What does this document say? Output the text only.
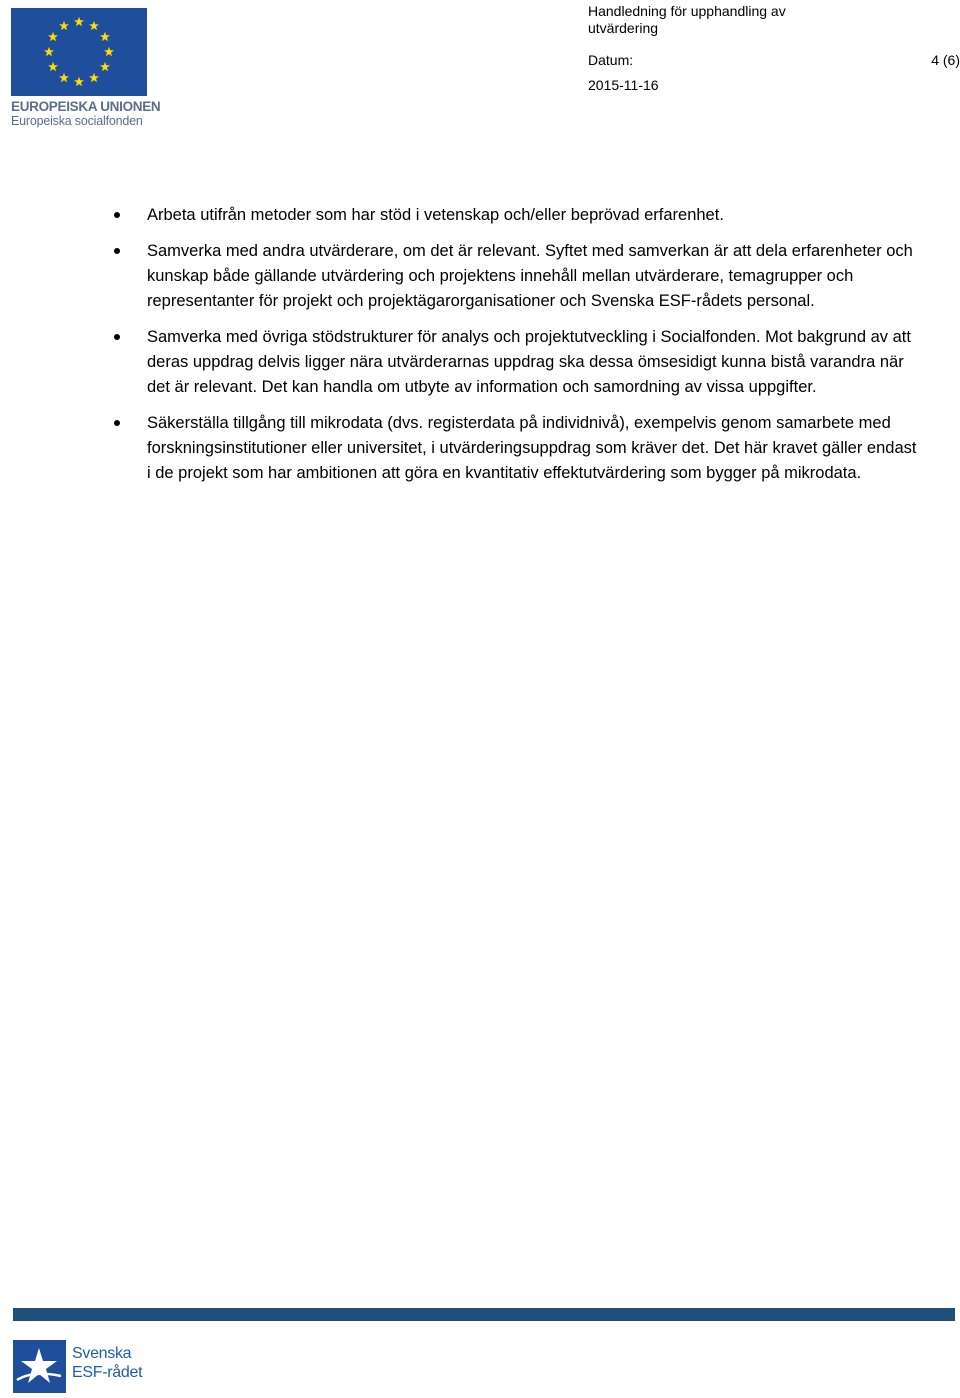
EUROPEISKA UNIONEN
Europeiska socialfonden
Handledning för upphandling av utvärdering
Datum:	4 (6)
2015-11-16
Arbeta utifrån metoder som har stöd i vetenskap och/eller beprövad erfarenhet.
Samverka med andra utvärderare, om det är relevant. Syftet med samverkan är att dela erfarenheter och kunskap både gällande utvärdering och projektens innehåll mellan utvärderare, temagrupper och representanter för projekt och projektägarorganisationer och Svenska ESF-rådets personal.
Samverka med övriga stödstrukturer för analys och projektutveckling i Socialfonden. Mot bakgrund av att deras uppdrag delvis ligger nära utvärderarnas uppdrag ska dessa ömsesidigt kunna bistå varandra när det är relevant. Det kan handla om utbyte av information och samordning av vissa uppgifter.
Säkerställa tillgång till mikrodata (dvs. registerdata på individnivå), exempelvis genom samarbete med forskningsinstitutioner eller universitet, i utvärderingsuppdrag som kräver det. Det här kravet gäller endast i de projekt som har ambitionen att göra en kvantitativ effektutvärdering som bygger på mikrodata.
Svenska
ESF-rådet
